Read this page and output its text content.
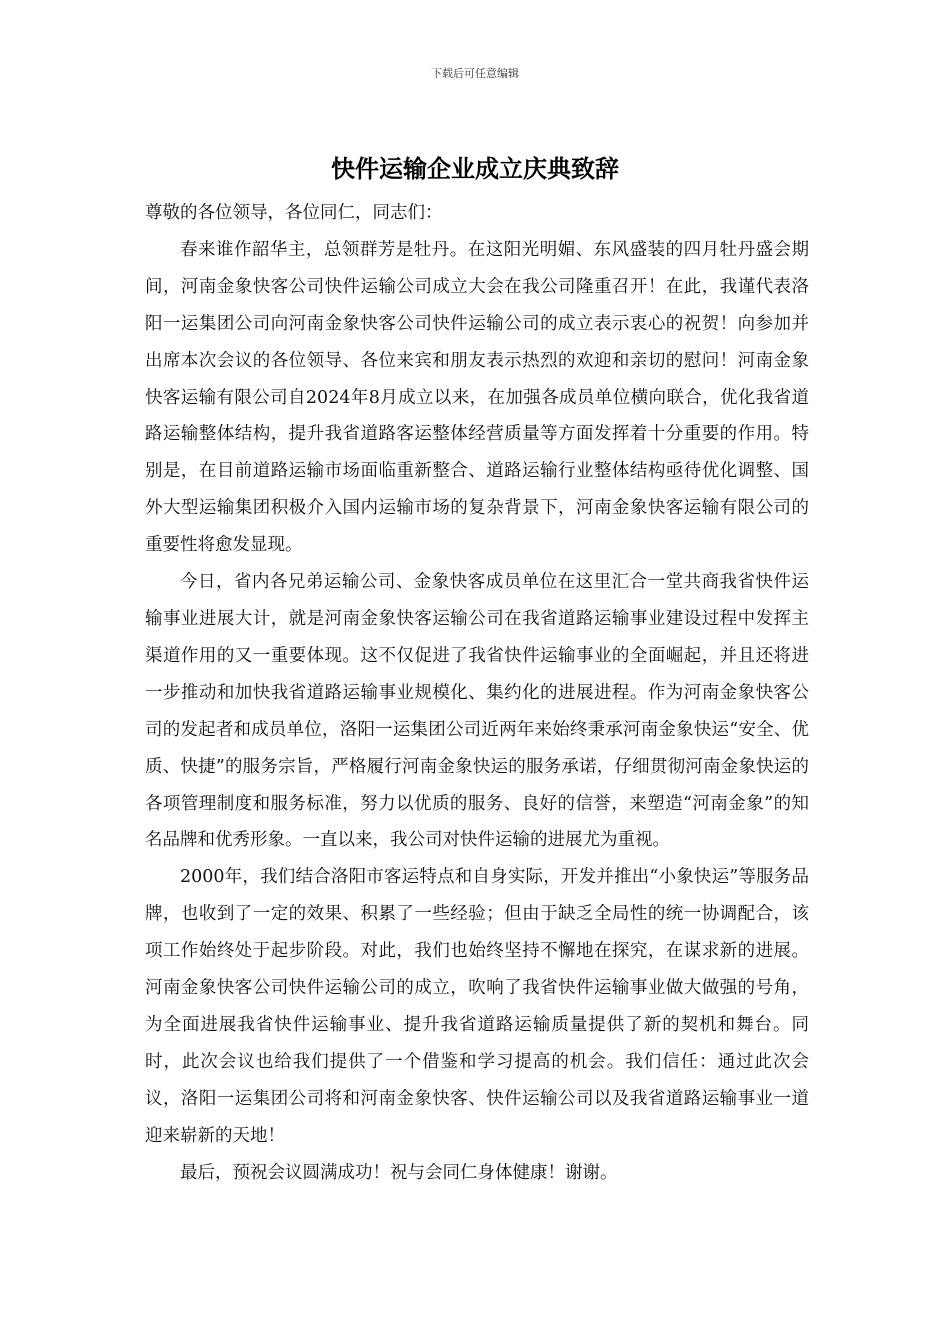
下载后可任意编辑
快件运输企业成立庆典致辞

尊敬的各位领导，各位同仁，同志们：

春来谁作韶华主，总领群芳是牡丹。在这阳光明媚、东风盛装的四月牡丹盛会期间，河南金象快客公司快件运输公司成立大会在我公司隆重召开！在此，我谨代表洛阳一运集团公司向河南金象快客公司快件运输公司的成立表示衷心的祝贺！向参加并出席本次会议的各位领导、各位来宾和朋友表示热烈的欢迎和亲切的慰问！河南金象快客运输有限公司自2024年8月成立以来，在加强各成员单位横向联合，优化我省道路运输整体结构，提升我省道路客运整体经营质量等方面发挥着十分重要的作用。特别是，在目前道路运输市场面临重新整合、道路运输行业整体结构亟待优化调整、国外大型运输集团积极介入国内运输市场的复杂背景下，河南金象快客运输有限公司的重要性将愈发显现。

今日，省内各兄弟运输公司、金象快客成员单位在这里汇合一堂共商我省快件运输事业进展大计，就是河南金象快客运输公司在我省道路运输事业建设过程中发挥主渠道作用的又一重要体现。这不仅促进了我省快件运输事业的全面崛起，并且还将进一步推动和加快我省道路运输事业规模化、集约化的进展进程。作为河南金象快客公司的发起者和成员单位，洛阳一运集团公司近两年来始终秉承河南金象快运“安全、优质、快捷”的服务宗旨，严格履行河南金象快运的服务承诺，仔细贯彻河南金象快运的各项管理制度和服务标准，努力以优质的服务、良好的信誉，来塑造“河南金象”的知名品牌和优秀形象。一直以来，我公司对快件运输的进展尤为重视。

2000年，我们结合洛阳市客运特点和自身实际，开发并推出“小象快运”等服务品牌，也收到了一定的效果、积累了一些经验；但由于缺乏全局性的统一协调配合，该项工作始终处于起步阶段。对此，我们也始终坚持不懈地在探究，在谋求新的进展。河南金象快客公司快件运输公司的成立，吹响了我省快件运输事业做大做强的号角，为全面进展我省快件运输事业、提升我省道路运输质量提供了新的契机和舞台。同时，此次会议也给我们提供了一个借鉴和学习提高的机会。我们信任：通过此次会议，洛阳一运集团公司将和河南金象快客、快件运输公司以及我省道路运输事业一道迎来崭新的天地！

最后，预祝会议圆满成功！祝与会同仁身体健康！谢谢。
